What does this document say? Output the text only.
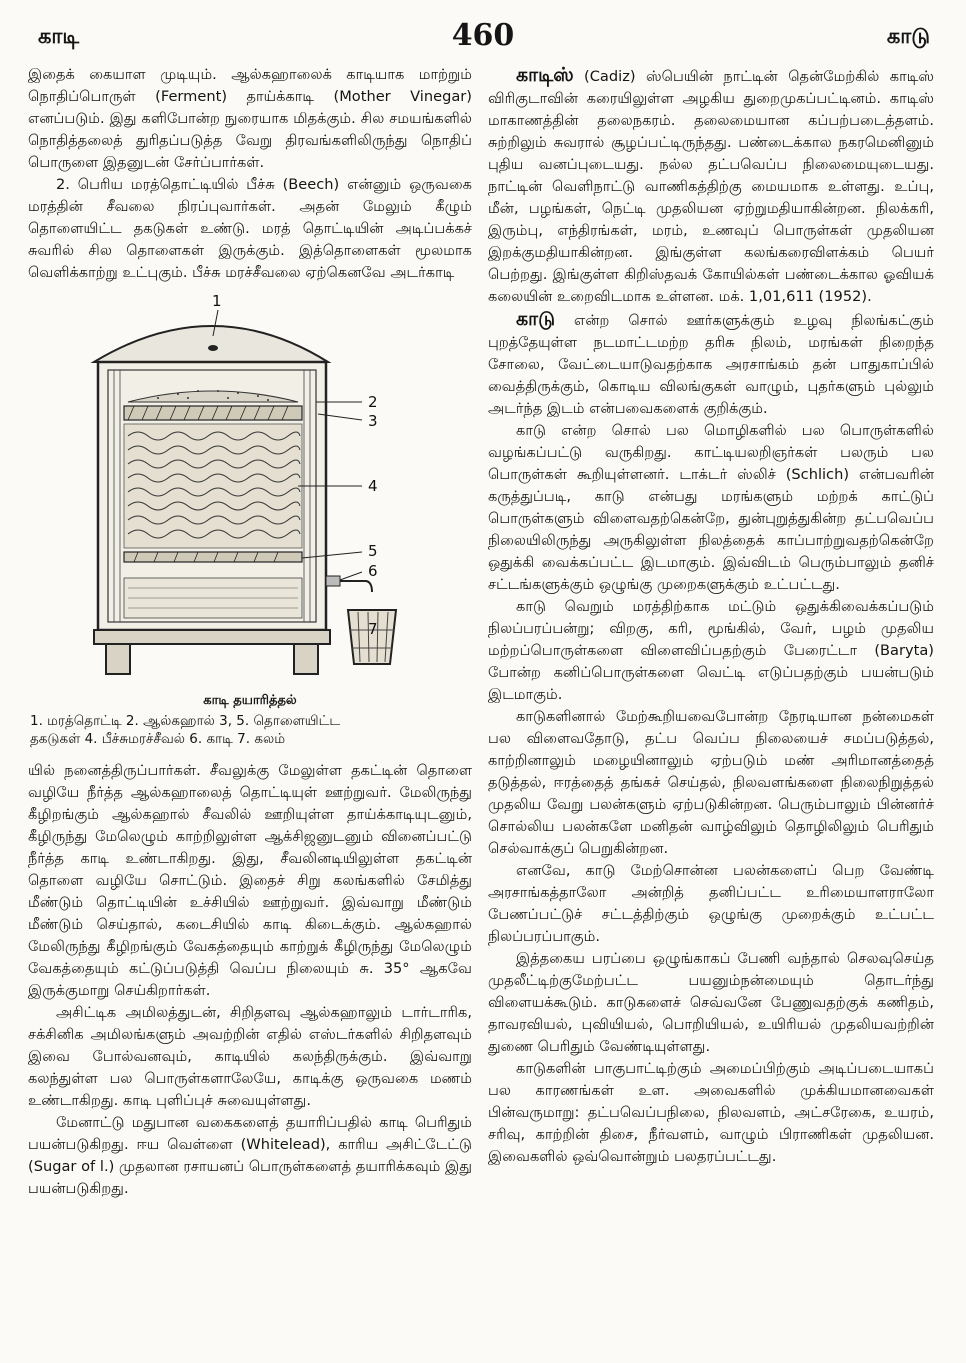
காடி	460	காடு

இதைக் கையாள முடியும். ஆல்கஹாலைக் காடியாக மாற்றும் நொதிப்பொருள் (Ferment) தாய்க்காடி (Mother Vinegar) எனப்படும். இது களிபோன்ற நுரையாக மிதக்கும். சில சமயங்களில் நொதித்தலைத் துரிதப்படுத்த வேறு திரவங்களிலிருந்து நொதிப் பொருளை இதனுடன் சேர்ப்பார்கள்.

2. பெரிய மரத்தொட்டியில் பீச்சு (Beech) என்னும் ஒருவகை மரத்தின் சீவலை நிரப்புவார்கள். அதன் மேலும் கீழும் தொளையிட்ட தகடுகள் உண்டு. மரத் தொட்டியின் அடிப்பக்கச் சுவரில் சில தொளைகள் இருக்கும். இத்தொளைகள் மூலமாக வெளிக்காற்று உட்புகும். பீச்சு மரச்சீவலை ஏற்கெனவே அடர்காடி

1
2
3
4
5
6
7
காடி தயாரித்தல்
1. மரத்தொட்டி 2. ஆல்கஹால் 3, 5. தொளையிட்ட
தகடுகள் 4. பீச்சுமரச்சீவல் 6. காடி 7. கலம்

யில் நனைத்திருப்பார்கள். சீவலுக்கு மேலுள்ள தகட்டின் தொளை வழியே நீர்த்த ஆல்கஹாலைத் தொட்டியுள் ஊற்றுவர். மேலிருந்து கீழிறங்கும் ஆல்கஹால் சீவலில் ஊறியுள்ள தாய்க்காடியுடனும், கீழிருந்து மேலெழும் காற்றிலுள்ள ஆக்சிஜனுடனும் வினைப்பட்டு நீர்த்த காடி உண்டாகிறது. இது, சீவலினடியிலுள்ள தகட்டின் தொளை வழியே சொட்டும். இதைச் சிறு கலங்களில் சேமித்து மீண்டும் தொட்டியின் உச்சியில் ஊற்றுவர். இவ்வாறு மீண்டும் மீண்டும் செய்தால், கடைசியில் காடி கிடைக்கும். ஆல்கஹால் மேலிருந்து கீழிறங்கும் வேகத்தையும் காற்றுக் கீழிருந்து மேலெழும் வேகத்தையும் கட்டுப்படுத்தி வெப்ப நிலையும் சு. 35° ஆகவே இருக்குமாறு செய்கிறார்கள்.

அசிட்டிக அமிலத்துடன், சிறிதளவு ஆல்கஹாலும் டார்டாரிக, சக்சினிக அமிலங்களும் அவற்றின் எதில் எஸ்டர்களில் சிறிதளவும் இவை போல்வனவும், காடியில் கலந்திருக்கும். இவ்வாறு கலந்துள்ள பல பொருள்களாலேயே, காடிக்கு ஒருவகை மணம் உண்டாகிறது. காடி புளிப்புச் சுவையுள்ளது.

மேனாட்டு மதுபான வகைகளைத் தயாரிப்பதில் காடி பெரிதும் பயன்படுகிறது. ஈய வெள்ளை (Whitelead), காரிய அசிட்டேட்டு (Sugar of l.) முதலான ரசாயனப் பொருள்களைத் தயாரிக்கவும் இது பயன்படுகிறது.

காடிஸ் (Cadiz) ஸ்பெயின் நாட்டின் தென்மேற்கில் காடிஸ் விரிகுடாவின் கரையிலுள்ள அழகிய துறைமுகப்பட்டினம். காடிஸ் மாகாணத்தின் தலைநகரம். தலைமையான கப்பற்படைத்தளம். சுற்றிலும் சுவரால் சூழப்பட்டிருந்தது. பண்டைக்கால நகரமெனினும் புதிய வனப்புடையது. நல்ல தட்பவெப்ப நிலைமையுடையது. நாட்டின் வெளிநாட்டு வாணிகத்திற்கு மையமாக உள்ளது. உப்பு, மீன், பழங்கள், நெட்டி முதலியன ஏற்றுமதியாகின்றன. நிலக்கரி, இரும்பு, எந்திரங்கள், மரம், உணவுப் பொருள்கள் முதலியன இறக்குமதியாகின்றன. இங்குள்ள கலங்கரைவிளக்கம் பெயர் பெற்றது. இங்குள்ள கிறிஸ்தவக் கோயில்கள் பண்டைக்கால ஓவியக் கலையின் உறைவிடமாக உள்ளன. மக். 1,01,611 (1952).

காடு என்ற சொல் ஊர்களுக்கும் உழவு நிலங்கட்கும் புறத்தேயுள்ள நடமாட்டமற்ற தரிசு நிலம், மரங்கள் நிறைந்த சோலை, வேட்டையாடுவதற்காக அரசாங்கம் தன் பாதுகாப்பில் வைத்திருக்கும், கொடிய விலங்குகள் வாழும், புதர்களும் புல்லும் அடர்ந்த இடம் என்பவைகளைக் குறிக்கும்.

காடு என்ற சொல் பல மொழிகளில் பல பொருள்களில் வழங்கப்பட்டு வருகிறது. காட்டியலறிஞர்கள் பலரும் பல பொருள்கள் கூறியுள்ளனர். டாக்டர் ஸ்லிச் (Schlich) என்பவரின் கருத்துப்படி, காடு என்பது மரங்களும் மற்றக் காட்டுப் பொருள்களும் விளைவதற்கென்றே, துன்புறுத்துகின்ற தட்பவெப்ப நிலையிலிருந்து அருகிலுள்ள நிலத்தைக் காப்பாற்றுவதற்கென்றே ஒதுக்கி வைக்கப்பட்ட இடமாகும். இவ்விடம் பெரும்பாலும் தனிச் சட்டங்களுக்கும் ஒழுங்கு முறைகளுக்கும் உட்பட்டது.

காடு வெறும் மரத்திற்காக மட்டும் ஒதுக்கிவைக்கப்படும் நிலப்பரப்பன்று; விறகு, கரி, மூங்கில், வேர், பழம் முதலிய மற்றப்பொருள்களை விளைவிப்பதற்கும் பேரைட்டா (Baryta) போன்ற கனிப்பொருள்களை வெட்டி எடுப்பதற்கும் பயன்படும் இடமாகும்.

காடுகளினால் மேற்கூறியவைபோன்ற நேரடியான நன்மைகள் பல விளைவதோடு, தட்ப வெப்ப நிலையைச் சமப்படுத்தல், காற்றினாலும் மழையினாலும் ஏற்படும் மண் அரிமானத்தைத் தடுத்தல், ஈரத்தைத் தங்கச் செய்தல், நிலவளங்களை நிலைநிறுத்தல் முதலிய வேறு பலன்களும் ஏற்படுகின்றன. பெரும்பாலும் பின்னர்ச் சொல்லிய பலன்களே மனிதன் வாழ்விலும் தொழிலிலும் பெரிதும் செல்வாக்குப் பெறுகின்றன.

எனவே, காடு மேற்சொன்ன பலன்களைப் பெற வேண்டி அரசாங்கத்தாலோ அன்றித் தனிப்பட்ட உரிமையாளராலோ பேணப்பட்டுச் சட்டத்திற்கும் ஒழுங்கு முறைக்கும் உட்பட்ட நிலப்பரப்பாகும்.

இத்தகைய பரப்பை ஒழுங்காகப் பேணி வந்தால் செலவுசெய்த முதலீட்டிற்குமேற்பட்ட பயனும்நன்மையும் தொடர்ந்து விளையக்கூடும். காடுகளைச் செவ்வனே பேணுவதற்குக் கணிதம், தாவரவியல், புவியியல், பொறியியல், உயிரியல் முதலியவற்றின் துணை பெரிதும் வேண்டியுள்ளது.

காடுகளின் பாகுபாட்டிற்கும் அமைப்பிற்கும் அடிப்படையாகப் பல காரணங்கள் உள. அவைகளில் முக்கியமானவைகள் பின்வருமாறு: தட்பவெப்பநிலை, நிலவளம், அட்சரேகை, உயரம், சரிவு, காற்றின் திசை, நீர்வளம், வாழும் பிராணிகள் முதலியன. இவைகளில் ஒவ்வொன்றும் பலதரப்பட்டது.
